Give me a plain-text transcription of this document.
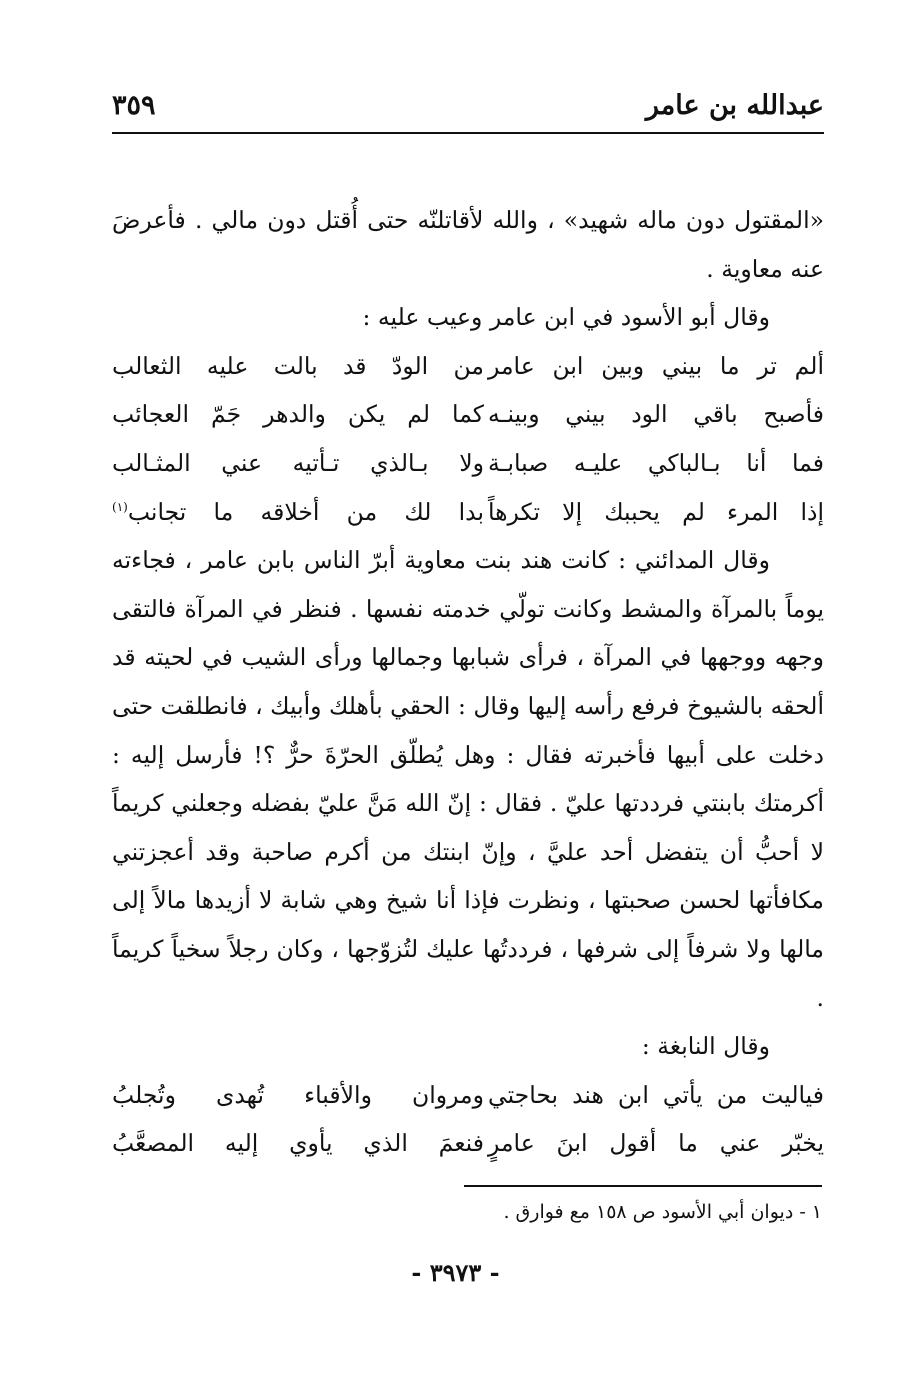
عبدالله بن عامر
٣٥٩

«المقتول دون ماله شهيد» ، والله لأقاتلنّه حتى أُقتل دون مالي . فأعرضَ عنه معاوية .

وقال أبو الأسود في ابن عامر وعيب عليه :

ألم تر ما بيني وبين ابن عامر
من الودّ قد بالت عليه الثعالب
فأصبح باقي الود بيني وبينـه
كما لم يكن والدهر جَمّ العجائب
فما أنا بـالباكي عليـه صبابـة
ولا بـالذي تـأتيه عني المثـالب
إذا المرء لم يحببك إلا تكرهاً
بدا لك من أخلاقه ما تجانب$^{(١)}$

وقال المدائني : كانت هند بنت معاوية أبرّ الناس بابن عامر ، فجاءته يوماً بالمرآة والمشط وكانت تولّي خدمته نفسها . فنظر في المرآة فالتقى وجهه ووجهها في المرآة ، فرأى شبابها وجمالها ورأى الشيب في لحيته قد ألحقه بالشيوخ فرفع رأسه إليها وقال : الحقي بأهلك وأبيك ، فانطلقت حتى دخلت على أبيها فأخبرته فقال : وهل يُطلّق الحرّةَ حرٌّ ؟! فأرسل إليه : أكرمتك بابنتي فرددتها عليّ . فقال : إنّ الله مَنَّ عليّ بفضله وجعلني كريماً لا أحبُّ أن يتفضل أحد عليَّ ، وإنّ ابنتك من أكرم صاحبة وقد أعجزتني مكافأتها لحسن صحبتها ، ونظرت فإذا أنا شيخ وهي شابة لا أزيدها مالاً إلى مالها ولا شرفاً إلى شرفها ، فرددتُها عليك لتُزوّجها ، وكان رجلاً سخياً كريماً .

وقال النابغة :

فياليت من يأتي ابن هند بحاجتي
ومروان والأقباء تُهدى وتُجلبُ
يخبّر عني ما أقول ابنَ عامرٍ
فنعمَ الذي يأوي إليه المصعَّبُ
١ - ديوان أبي الأسود ص ١٥٨ مع فوارق .
- ٣٩٧٣ -
